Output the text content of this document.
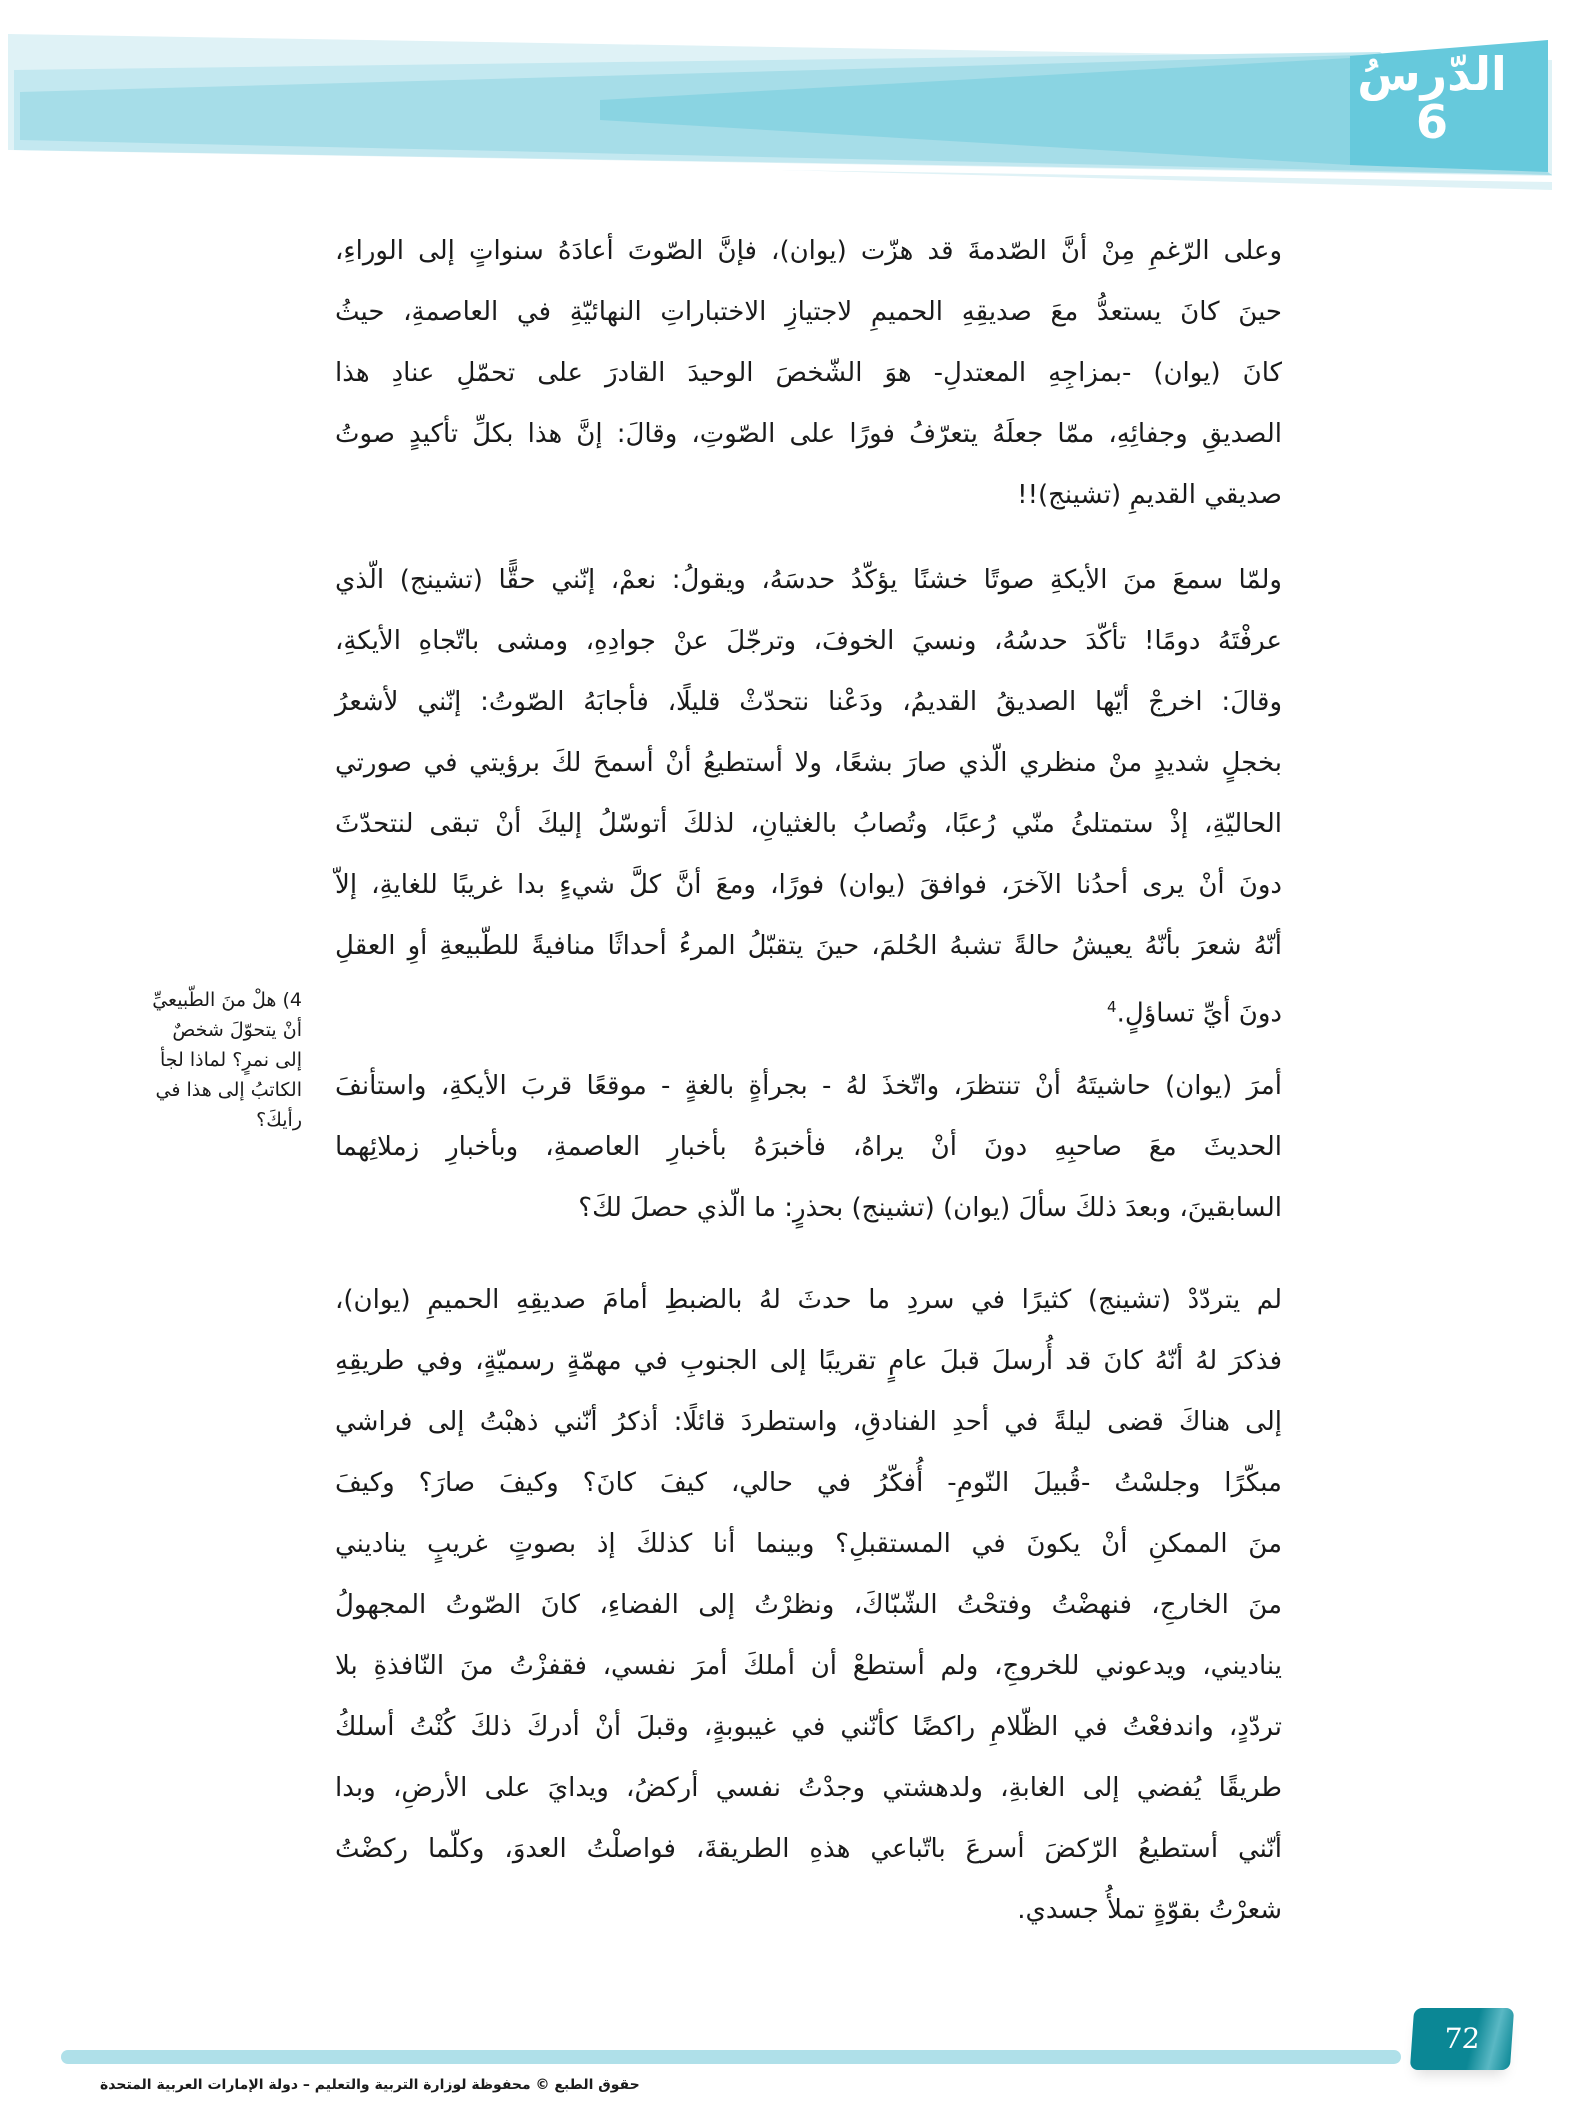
الدّرسُ
6
وعلى الرّغمِ مِنْ أنَّ الصّدمةَ قد هزّت (يوان)، فإنَّ الصّوتَ أعادَهُ سنواتٍ إلى الوراءِ،
حينَ كانَ يستعدُّ معَ صديقِهِ الحميمِ لاجتيازِ الاختباراتِ النهائيّةِ في العاصمةِ، حيثُ
كانَ (يوان) -بمزاجِهِ المعتدلِ- هوَ الشّخصَ الوحيدَ القادرَ على تحمّلِ عنادِ هذا
الصديقِ وجفائِهِ، ممّا جعلَهُ يتعرّفُ فورًا على الصّوتِ، وقالَ: إنَّ هذا بكلِّ تأكيدٍ صوتُ
صديقي القديمِ (تشينج)!!
ولمّا سمعَ منَ الأيكةِ صوتًا خشنًا يؤكّدُ حدسَهُ، ويقولُ: نعمْ، إنّني حقًّا (تشينج) الّذي
عرفْتَهُ دومًا! تأكّدَ حدسُهُ، ونسيَ الخوفَ، وترجّلَ عنْ جوادِهِ، ومشى باتّجاهِ الأيكةِ،
وقالَ: اخرجْ أيّها الصديقُ القديمُ، ودَعْنا نتحدّثْ قليلًا، فأجابَهُ الصّوتُ: إنّني لأشعرُ
بخجلٍ شديدٍ منْ منظري الّذي صارَ بشعًا، ولا أستطيعُ أنْ أسمحَ لكَ برؤيتي في صورتي
الحاليّةِ، إذْ ستمتلئُ منّي رُعبًا، وتُصابُ بالغثيانِ، لذلكَ أتوسّلُ إليكَ أنْ تبقى لنتحدّثَ
دونَ أنْ يرى أحدُنا الآخرَ، فوافقَ (يوان) فورًا، ومعَ أنَّ كلَّ شيءٍ بدا غريبًا للغايةِ، إلاّ
أنّهُ شعرَ بأنّهُ يعيشُ حالةً تشبهُ الحُلمَ، حينَ يتقبّلُ المرءُ أحداثًا منافيةً للطّبيعةِ أوِ العقلِ
دونَ أيِّ تساؤلٍ.$^4$
أمرَ (يوان) حاشيتَهُ أنْ تنتظرَ، واتّخذَ لهُ - بجرأةٍ بالغةٍ - موقعًا قربَ الأيكةِ، واستأنفَ
الحديثَ معَ صاحبِهِ دونَ أنْ يراهُ، فأخبرَهُ بأخبارِ العاصمةِ، وبأخبارِ زملائِهما
السابقينَ، وبعدَ ذلكَ سألَ (يوان) (تشينج) بحذرٍ: ما الّذي حصلَ لكَ؟
لم يتردّدْ (تشينج) كثيرًا في سردِ ما حدثَ لهُ بالضبطِ أمامَ صديقِهِ الحميمِ (يوان)،
فذكرَ لهُ أنّهُ كانَ قد أُرسلَ قبلَ عامٍ تقريبًا إلى الجنوبِ في مهمّةٍ رسميّةٍ، وفي طريقِهِ
إلى هناكَ قضى ليلةً في أحدِ الفنادقِ، واستطردَ قائلًا: أذكرُ أنّني ذهبْتُ إلى فراشي
مبكّرًا وجلسْتُ -قُبيلَ النّومِ- أُفكّرُ في حالي، كيفَ كانَ؟ وكيفَ صارَ؟ وكيفَ
منَ الممكنِ أنْ يكونَ في المستقبلِ؟ وبينما أنا كذلكَ إذ بصوتٍ غريبٍ يناديني
منَ الخارجِ، فنهضْتُ وفتحْتُ الشّبّاكَ، ونظرْتُ إلى الفضاءِ، كانَ الصّوتُ المجهولُ
يناديني، ويدعوني للخروجِ، ولم أستطعْ أن أملكَ أمرَ نفسي، فقفزْتُ منَ النّافذةِ بلا
تردّدٍ، واندفعْتُ في الظّلامِ راكضًا كأنّني في غيبوبةٍ، وقبلَ أنْ أدركَ ذلكَ كُنْتُ أسلكُ
طريقًا يُفضي إلى الغابةِ، ولدهشتي وجدْتُ نفسي أركضُ، ويدايَ على الأرضِ، وبدا
أنّني أستطيعُ الرّكضَ أسرعَ باتّباعي هذهِ الطريقةَ، فواصلْتُ العدوَ، وكلّما ركضْتُ
شعرْتُ بقوّةٍ تملأُ جسدي.
4) هلْ منَ الطّبيعيِّ
أنْ يتحوّلَ شخصٌ
إلى نمرٍ؟ لماذا لجأ
الكاتبُ إلى هذا في
رأيكَ؟
72
حقوق الطبع © محفوظة لوزارة التربية والتعليم – دولة الإمارات العربية المتحدة
